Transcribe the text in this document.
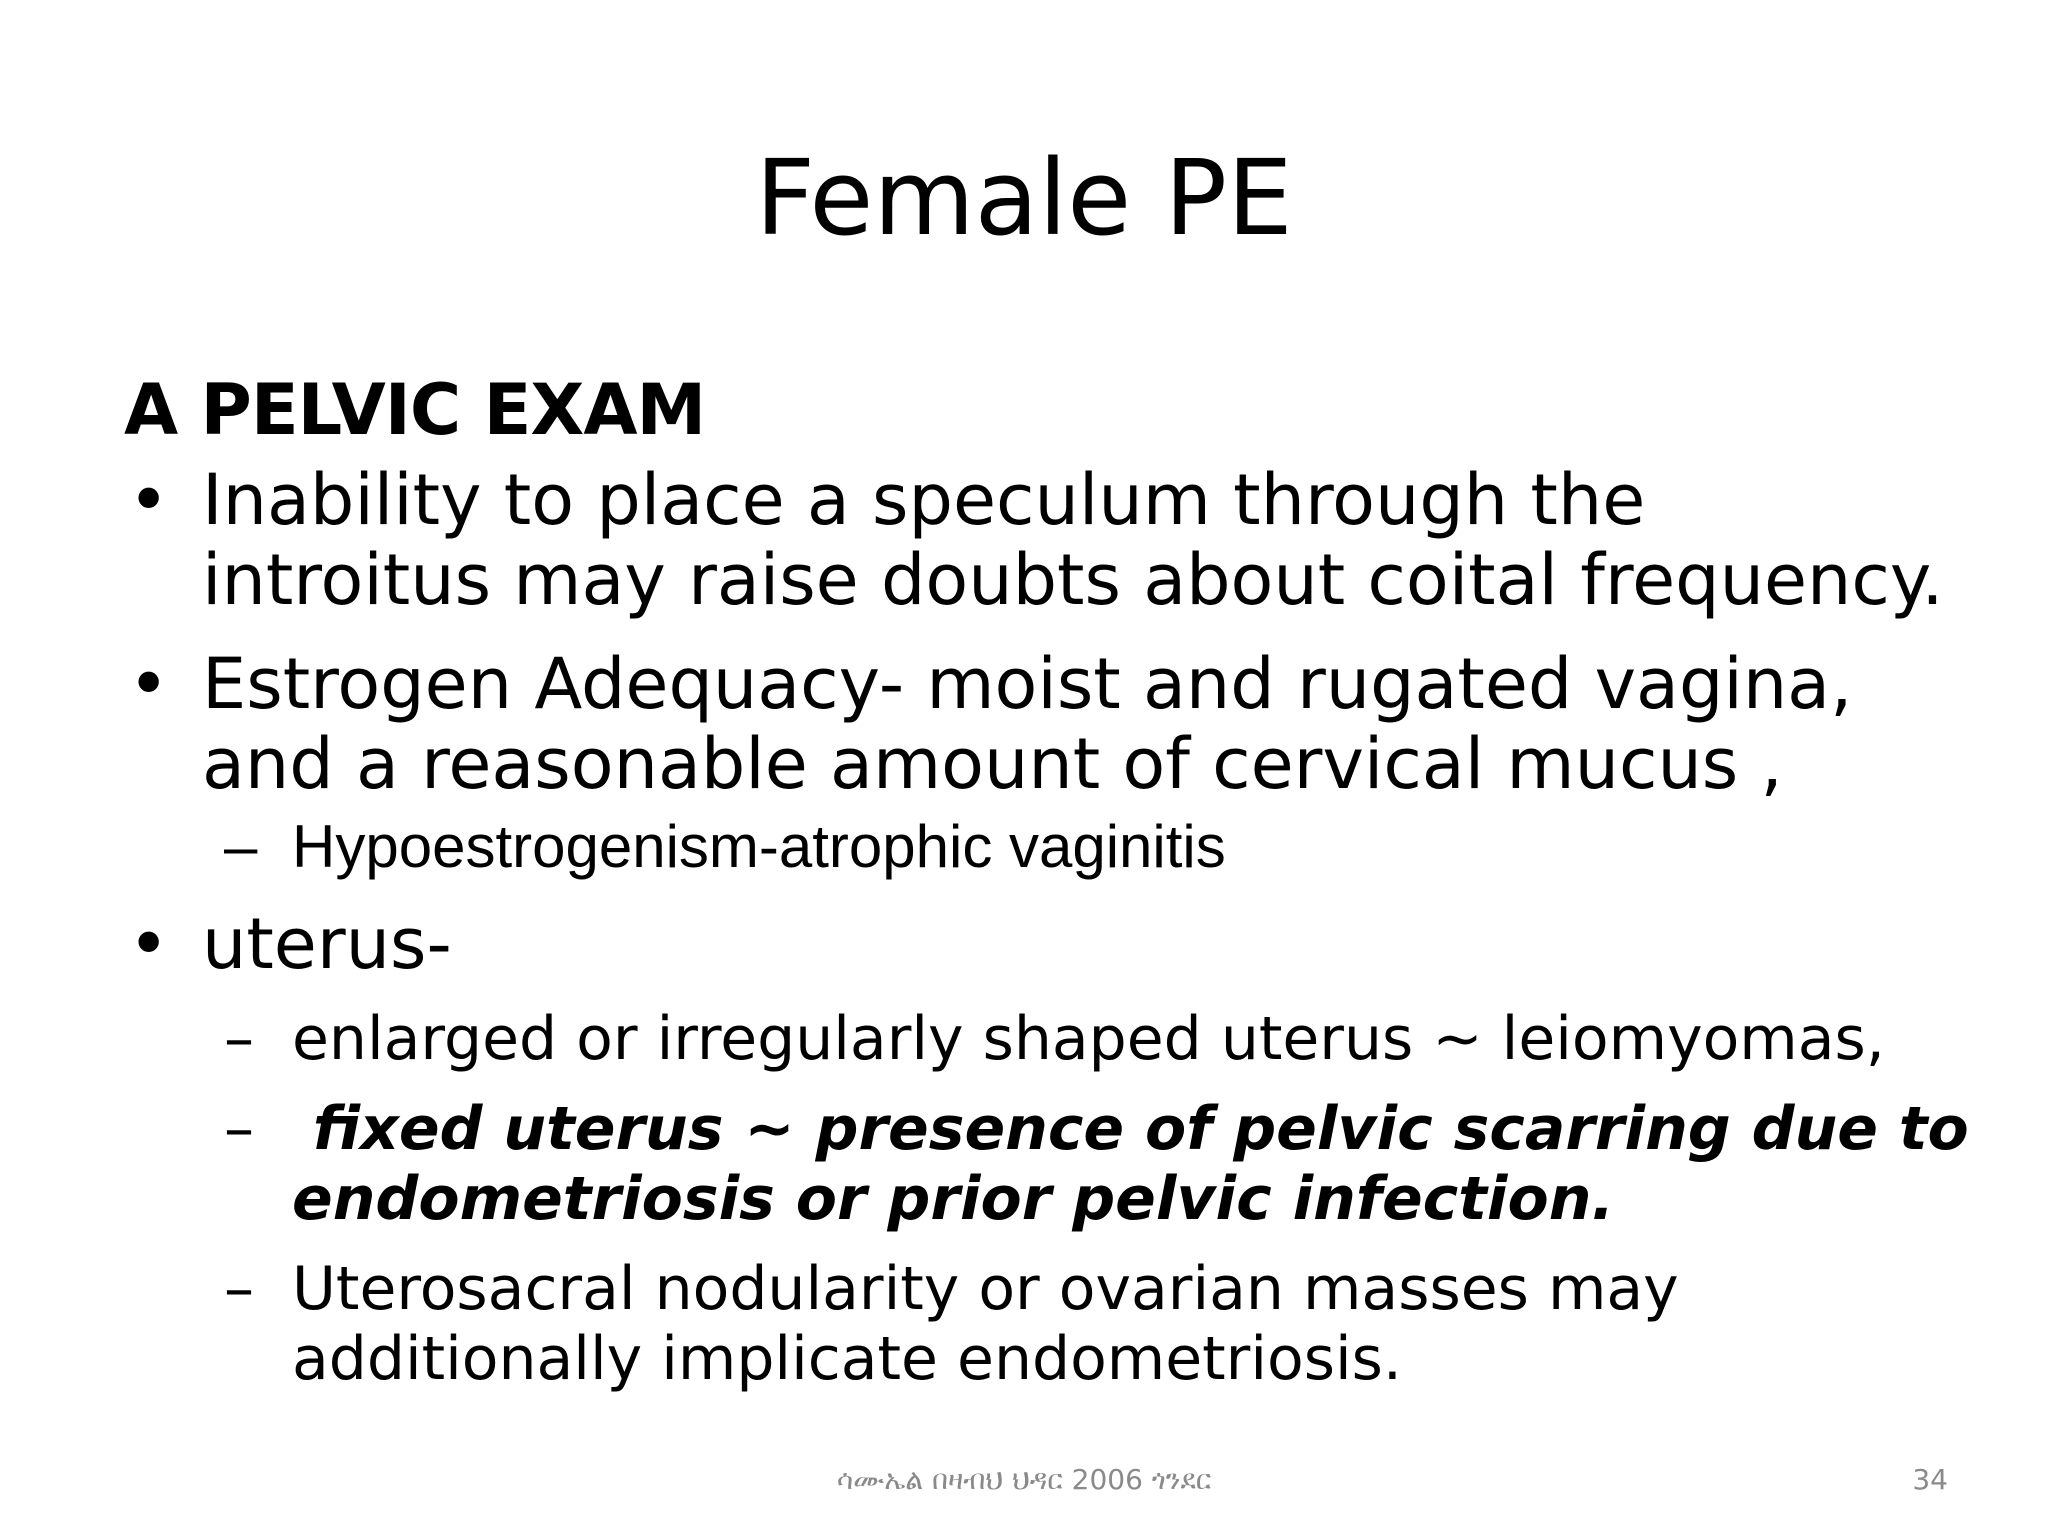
Female PE
A PELVIC EXAM
• Inability to place a speculum through the
introitus may raise doubts about coital frequency.
• Estrogen Adequacy- moist and rugated vagina,
and a reasonable amount of cervical mucus ,
– Hypoestrogenism-atrophic vaginitis
• uterus-
– enlarged or irregularly shaped uterus ~ leiomyomas,
– fixed uterus ~ presence of pelvic scarring due to
endometriosis or prior pelvic infection.
– Uterosacral nodularity or ovarian masses may
additionally implicate endometriosis.
ሳሙኤል በዛብህ ህዳር 2006 ጎንደር	34
